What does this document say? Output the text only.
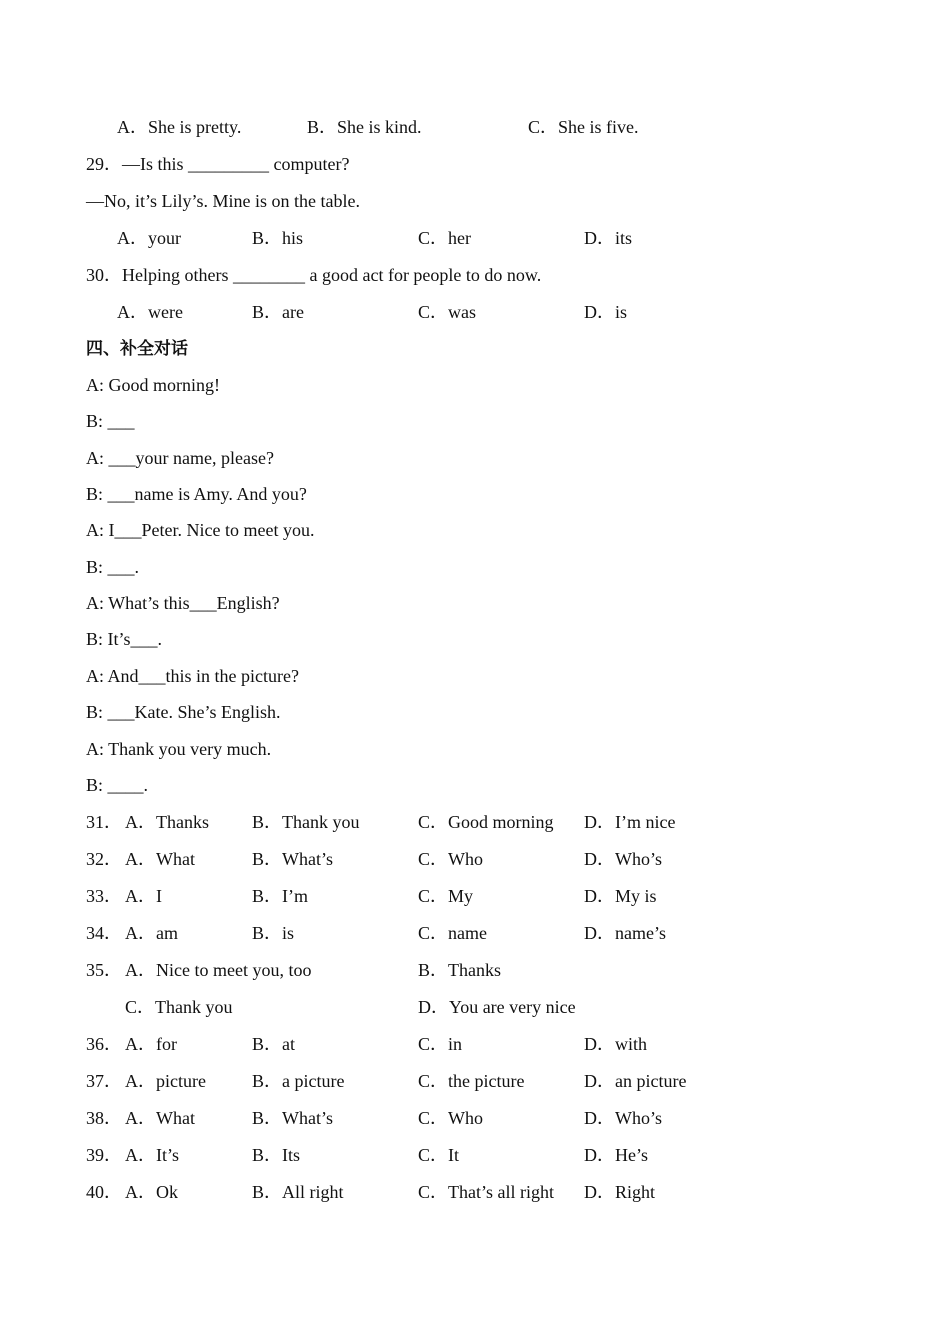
A．She is pretty.	B．She is kind.	C．She is five.
29．—Is this _________ computer?
—No, it’s Lily’s. Mine is on the table.
A．your	B．his	C．her	D．its
30．Helping others ________ a good act for people to do now.
A．were	B．are	C．was	D．is
四、补全对话
A: Good morning!
B: ___
A: ___your name, please?
B: ___name is Amy. And you?
A: I___Peter. Nice to meet you.
B: ___.
A: What’s this___English?
B: It’s___.
A: And___this in the picture?
B: ___Kate. She’s English.
A: Thank you very much.
B: ____.
31． A．Thanks B．Thank you	C．Good morning D．I’m nice
32． A．What	B．What’s	C．Who	D．Who’s
33． A．I	B．I’m	C．My	D．My is
34． A．am	B．is	C．name	D．name’s
35． A．Nice to meet you, too	B．Thanks
C．Thank you	D．You are very nice
36． A．for	B．at	C．in	D．with
37． A．picture	B．a picture	C．the picture	D．an picture
38． A．What	B．What’s	C．Who	D．Who’s
39． A．It’s	B．Its	C．It	D．He’s
40． A．Ok	B．All right	C．That’s all right D．Right
